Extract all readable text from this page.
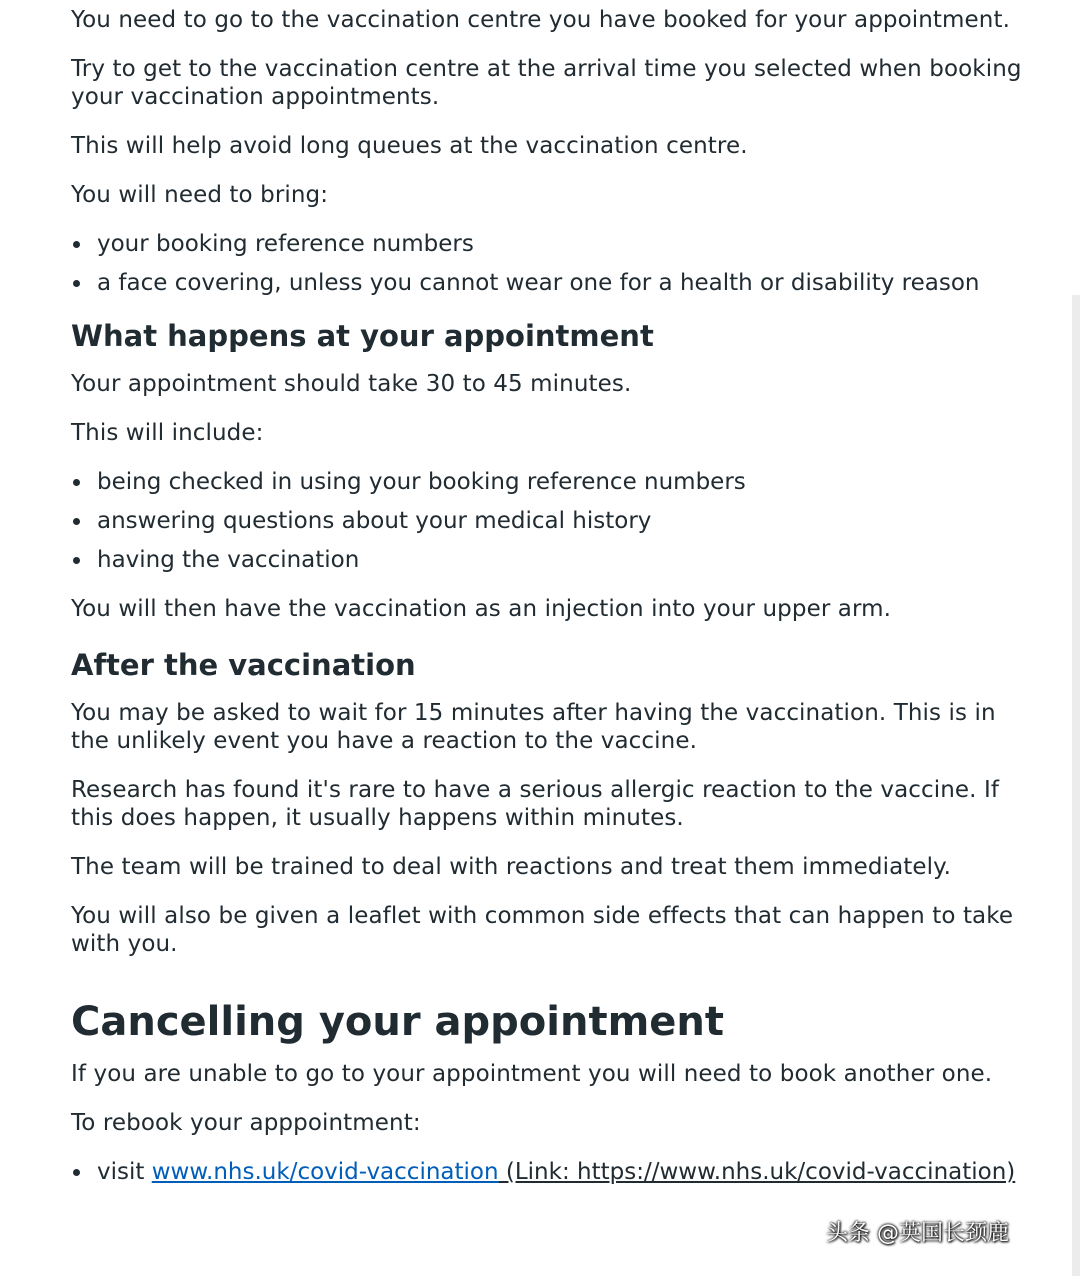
You need to go to the vaccination centre you have booked for your appointment.

Try to get to the vaccination centre at the arrival time you selected when booking your vaccination appointments.

This will help avoid long queues at the vaccination centre.

You will need to bring:

your booking reference numbers
a face covering, unless you cannot wear one for a health or disability reason
What happens at your appointment

Your appointment should take 30 to 45 minutes.

This will include:

being checked in using your booking reference numbers
answering questions about your medical history
having the vaccination

You will then have the vaccination as an injection into your upper arm.

After the vaccination

You may be asked to wait for 15 minutes after having the vaccination. This is in the unlikely event you have a reaction to the vaccine.

Research has found it's rare to have a serious allergic reaction to the vaccine. If this does happen, it usually happens within minutes.

The team will be trained to deal with reactions and treat them immediately.

You will also be given a leaflet with common side effects that can happen to take with you.

Cancelling your appointment

If you are unable to go to your appointment you will need to book another one.

To rebook your apppointment:

visit www.nhs.uk/covid-vaccination (Link: https://www.nhs.uk/covid-vaccination)
头条 @英国长颈鹿
